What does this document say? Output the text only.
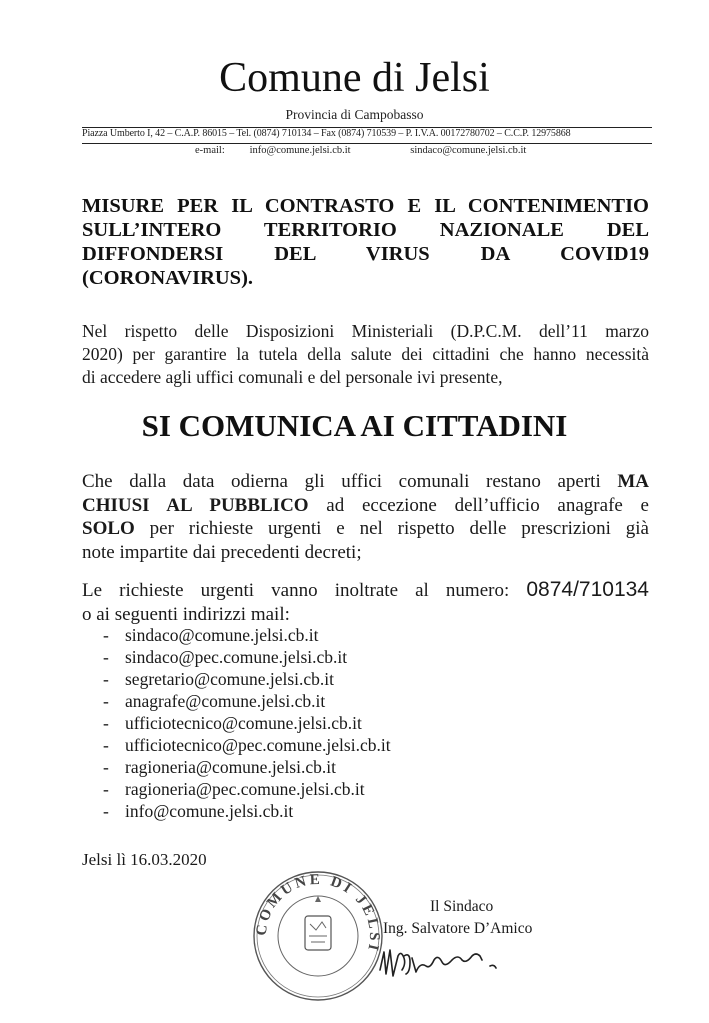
Comune di Jelsi
Provincia di Campobasso
Piazza Umberto I, 42 – C.A.P. 86015 – Tel. (0874) 710134 – Fax (0874) 710539 – P. I.V.A. 00172780702 – C.C.P. 12975868
e-mail: info@comune.jelsi.cb.it	sindaco@comune.jelsi.cb.it
MISURE PER IL CONTRASTO E IL CONTENIMENTIO
SULL’INTERO TERRITORIO NAZIONALE DEL
DIFFONDERSI DEL VIRUS DA COVID19
(CORONAVIRUS).
Nel rispetto delle Disposizioni Ministeriali (D.P.C.M. dell’11 marzo
2020) per garantire la tutela della salute dei cittadini che hanno necessità
di accedere agli uffici comunali e del personale ivi presente,
SI COMUNICA AI CITTADINI
Che dalla data odierna gli uffici comunali restano aperti MA
CHIUSI AL PUBBLICO ad eccezione dell’ufficio anagrafe e
SOLO per richieste urgenti e nel rispetto delle prescrizioni già
note impartite dai precedenti decreti;
Le richieste urgenti vanno inoltrate al numero: 0874/710134
o ai seguenti indirizzi mail:
- sindaco@comune.jelsi.cb.it
- sindaco@pec.comune.jelsi.cb.it
- segretario@comune.jelsi.cb.it
- anagrafe@comune.jelsi.cb.it
- ufficiotecnico@comune.jelsi.cb.it
- ufficiotecnico@pec.comune.jelsi.cb.it
- ragioneria@comune.jelsi.cb.it
- ragioneria@pec.comune.jelsi.cb.it
- info@comune.jelsi.cb.it
Jelsi lì 16.03.2020
COMUNE DI JELSI
Il Sindaco
Ing. Salvatore D’Amico
